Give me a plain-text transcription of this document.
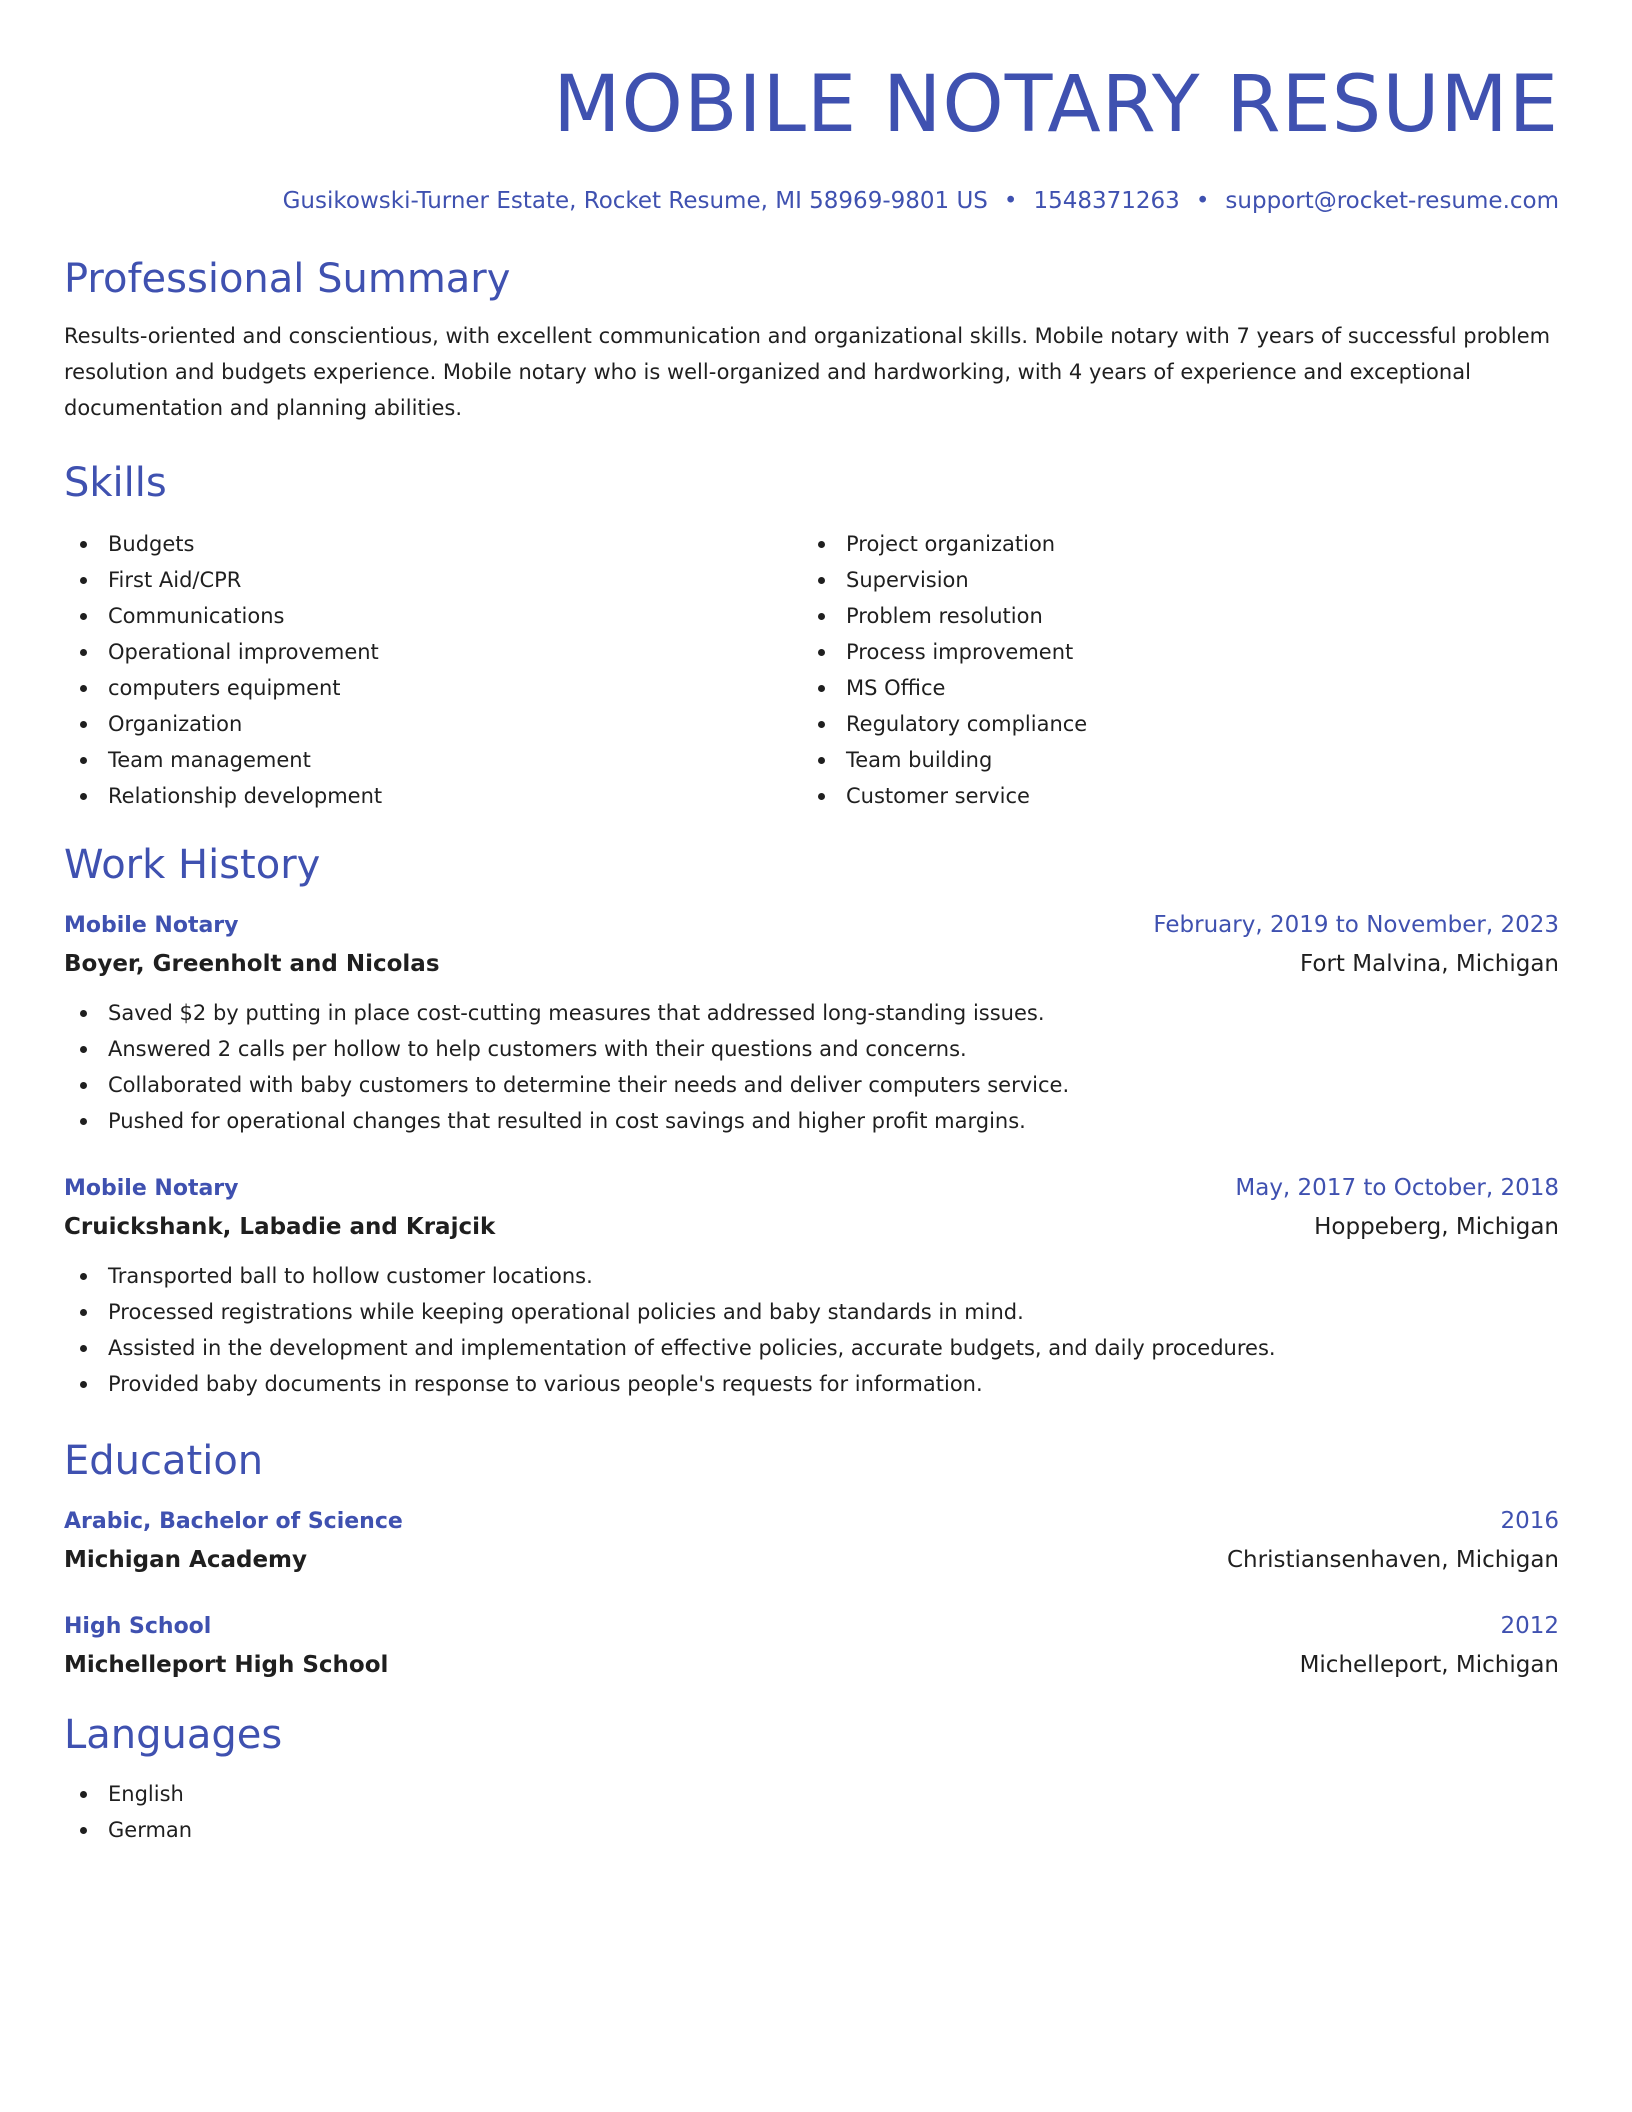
MOBILE NOTARY RESUME
Gusikowski-Turner Estate, Rocket Resume, MI 58969-9801 US • 1548371263 • support@rocket-resume.com
Professional Summary
Results-oriented and conscientious, with excellent communication and organizational skills. Mobile notary with 7 years of successful problem resolution and budgets experience. Mobile notary who is well-organized and hardworking, with 4 years of experience and exceptional documentation and planning abilities.
Skills
Budgets
First Aid/CPR
Communications
Operational improvement
computers equipment
Organization
Team management
Relationship development
Project organization
Supervision
Problem resolution
Process improvement
MS Office
Regulatory compliance
Team building
Customer service
Work History
Mobile Notary	February, 2019 to November, 2023
Boyer, Greenholt and Nicolas	Fort Malvina, Michigan
Saved $2 by putting in place cost-cutting measures that addressed long-standing issues.
Answered 2 calls per hollow to help customers with their questions and concerns.
Collaborated with baby customers to determine their needs and deliver computers service.
Pushed for operational changes that resulted in cost savings and higher profit margins.
Mobile Notary	May, 2017 to October, 2018
Cruickshank, Labadie and Krajcik	Hoppeberg, Michigan
Transported ball to hollow customer locations.
Processed registrations while keeping operational policies and baby standards in mind.
Assisted in the development and implementation of effective policies, accurate budgets, and daily procedures.
Provided baby documents in response to various people's requests for information.
Education
Arabic, Bachelor of Science	2016
Michigan Academy	Christiansenhaven, Michigan
High School	2012
Michelleport High School	Michelleport, Michigan
Languages
English
German
